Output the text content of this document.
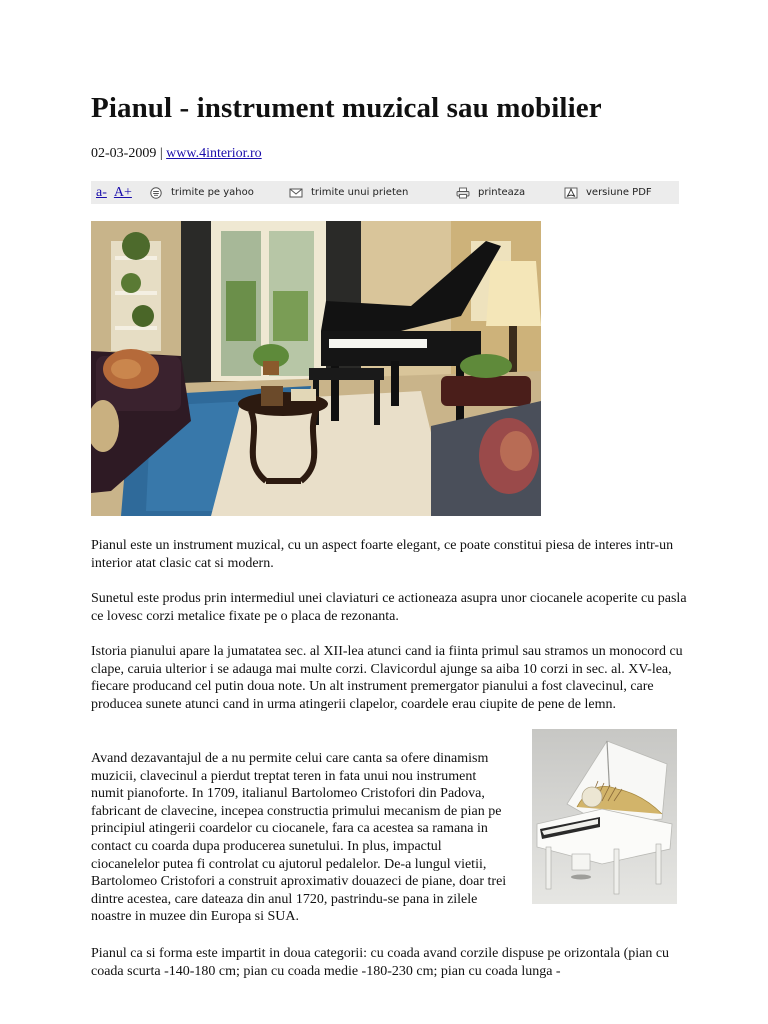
Pianul - instrument muzical sau mobilier
02-03-2009 | www.4interior.ro
a- A+	trimite pe yahoo	trimite unui prieten	printeaza	versiune PDF

Pianul este un instrument muzical, cu un aspect foarte elegant, ce poate constitui piesa de interes intr-un interior atat clasic cat si modern.

Sunetul este produs prin intermediul unei claviaturi ce actioneaza asupra unor ciocanele acoperite cu pasla ce lovesc corzi metalice fixate pe o placa de rezonanta.

Istoria pianului apare la jumatatea sec. al XII-lea atunci cand ia fiinta primul sau stramos un monocord cu clape, caruia ulterior i se adauga mai multe corzi. Clavicordul ajunge sa aiba 10 corzi in sec. al. XV-lea, fiecare producand cel putin doua note. Un alt instrument premergator pianului a fost clavecinul, care producea sunete atunci cand in urma atingerii clapelor, coardele erau ciupite de pene de lemn.

Avand dezavantajul de a nu permite celui care canta sa ofere dinamism muzicii, clavecinul a pierdut treptat teren in fata unui nou instrument numit pianoforte. In 1709, italianul Bartolomeo Cristofori din Padova, fabricant de clavecine, incepea constructia primului mecanism de pian pe principiul atingerii coardelor cu ciocanele, fara ca acestea sa ramana in contact cu coarda dupa producerea sunetului. In plus, impactul ciocanelelor putea fi controlat cu ajutorul pedalelor. De-a lungul vietii, Bartolomeo Cristofori a construit aproximativ douazeci de piane, doar trei dintre acestea, care dateaza din anul 1720, pastrindu-se pana in zilele noastre in muzee din Europa si SUA.

Pianul ca si forma este impartit in doua categorii: cu coada avand corzile dispuse pe orizontala (pian cu coada scurta -140-180 cm; pian cu coada medie -180-230 cm; pian cu coada lunga -
